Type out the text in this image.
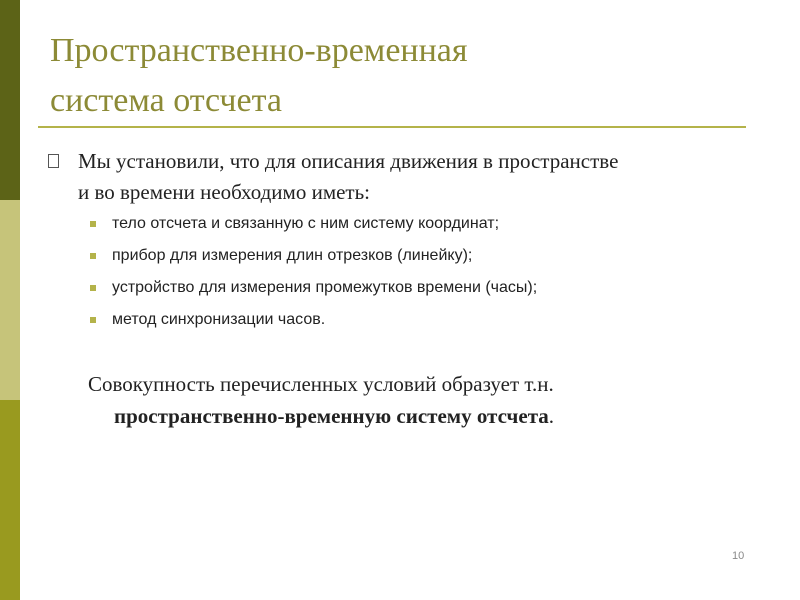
Пространственно-временная
система отсчета
Мы установили, что для описания движения в пространстве
и во времени необходимо иметь:
тело отсчета и связанную с ним систему координат;
прибор для измерения длин отрезков (линейку);
устройство для измерения промежутков времени (часы);
метод синхронизации часов.
Совокупность перечисленных условий образует т.н.
пространственно-временную систему отсчета.
10
